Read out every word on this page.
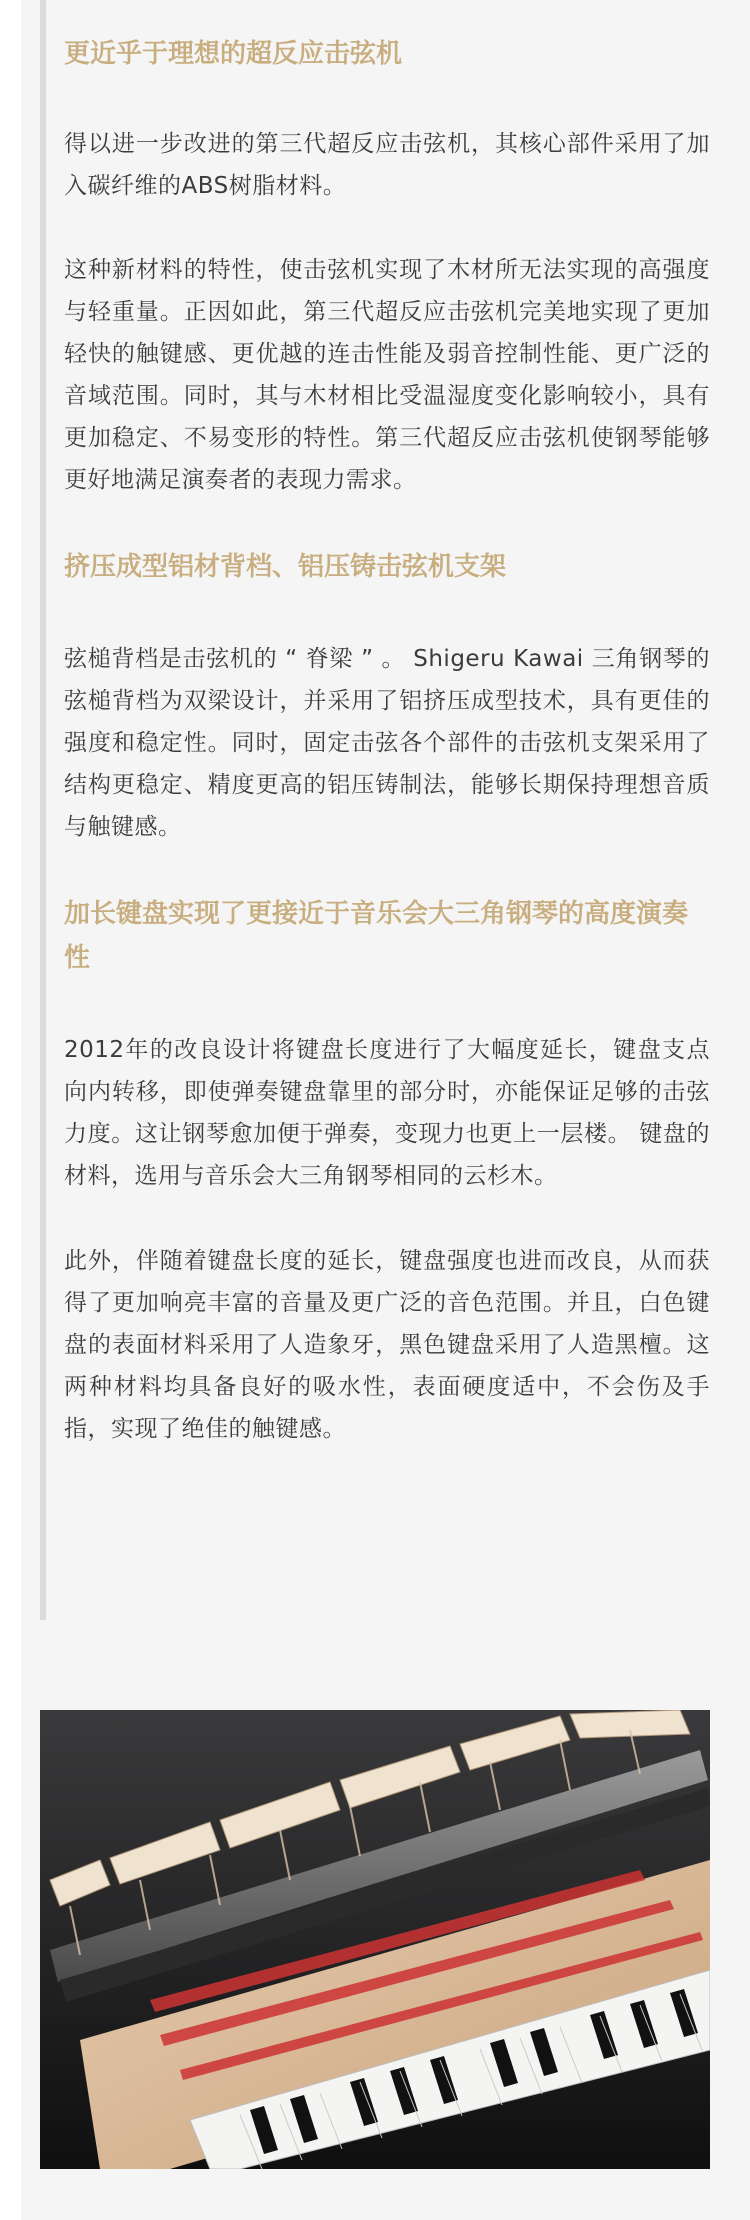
更近乎于理想的超反应击弦机

得以进一步改进的第三代超反应击弦机，其核心部件采用了加入碳纤维的ABS树脂材料。

这种新材料的特性，使击弦机实现了木材所无法实现的高强度与轻重量。正因如此，第三代超反应击弦机完美地实现了更加轻快的触键感、更优越的连击性能及弱音控制性能、更广泛的音域范围。同时，其与木材相比受温湿度变化影响较小，具有更加稳定、不易变形的特性。第三代超反应击弦机使钢琴能够更好地满足演奏者的表现力需求。

挤压成型铝材背档、铝压铸击弦机支架

弦槌背档是击弦机的 “ 脊梁 ” 。 Shigeru Kawai 三角钢琴的弦槌背档为双梁设计，并采用了铝挤压成型技术，具有更佳的强度和稳定性。同时，固定击弦各个部件的击弦机支架采用了结构更稳定、精度更高的铝压铸制法，能够长期保持理想音质与触键感。

加长键盘实现了更接近于音乐会大三角钢琴的高度演奏性

2012年的改良设计将键盘长度进行了大幅度延长，键盘支点向内转移，即使弹奏键盘靠里的部分时，亦能保证足够的击弦力度。这让钢琴愈加便于弹奏，变现力也更上一层楼。 键盘的材料，选用与音乐会大三角钢琴相同的云杉木。

此外，伴随着键盘长度的延长，键盘强度也进而改良，从而获得了更加响亮丰富的音量及更广泛的音色范围。并且，白色键盘的表面材料采用了人造象牙，黑色键盘采用了人造黑檀。这两种材料均具备良好的吸水性，表面硬度适中，不会伤及手指，实现了绝佳的触键感。
